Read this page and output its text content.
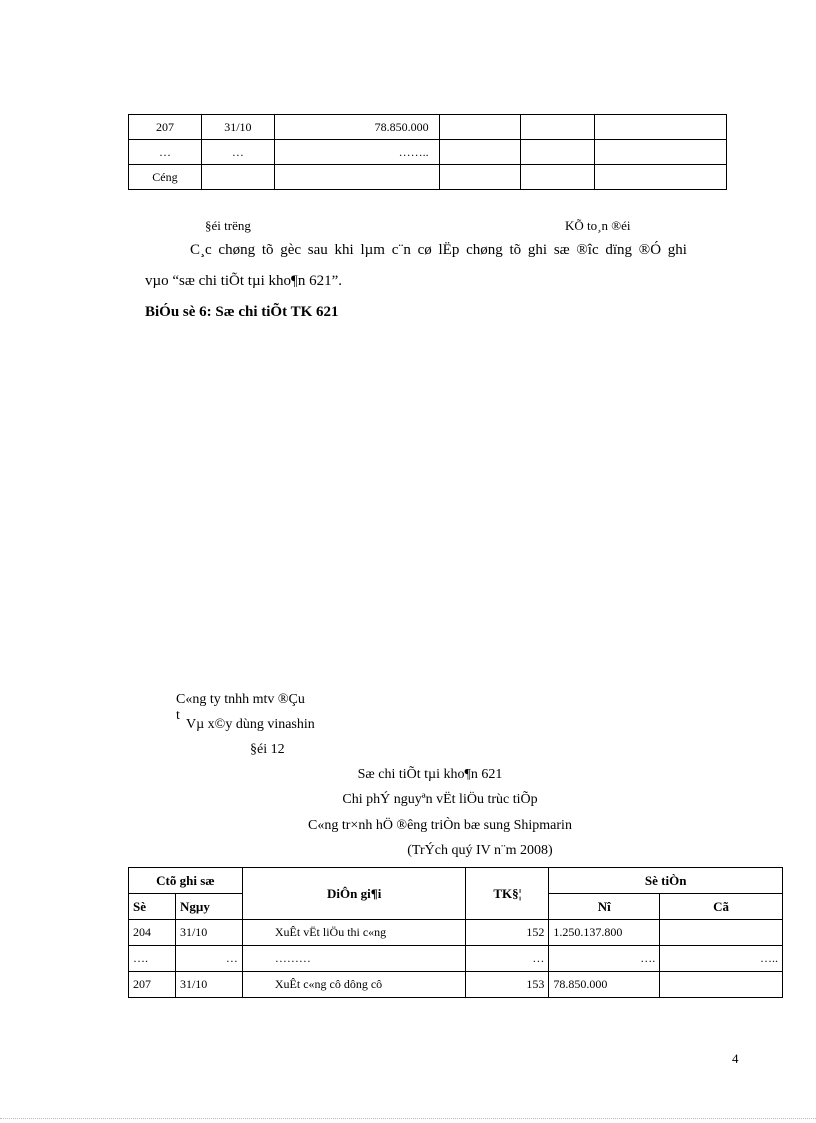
207	31/10	78.850.000			
…	…	……..			
Céng					
§éi trëng	KÕ to¸n ®éi
C¸c chøng tõ gèc sau khi lµm c¨n cø lËp chøng tõ ghi sæ ®îc dïng ®Ó ghi
vµo “sæ chi tiÕt tµi kho¶n 621”.
BiÓu sè 6: Sæ chi tiÕt TK 621
C«ng ty tnhh mtv ®Çu t
Vµ x©y dùng vinashin
§éi 12
Sæ chi tiÕt tµi kho¶n 621
Chi phÝ nguyªn vËt liÖu trùc tiÕp
C«ng tr×nh hÖ ®êng triÒn bæ sung Shipmarin
(TrÝch quý IV n¨m 2008)
Ctõ ghi sæ		DiÔn gi¶i	TK§¦	Sè tiÒn	
Sè	Ngµy			Nî	Cã
204	31/10	XuÊt vËt liÖu thi c«ng	152	1.250.137.800	
….	…	………	…	….	…..
207	31/10	XuÊt c«ng cô dông cô	153	78.850.000	
4
